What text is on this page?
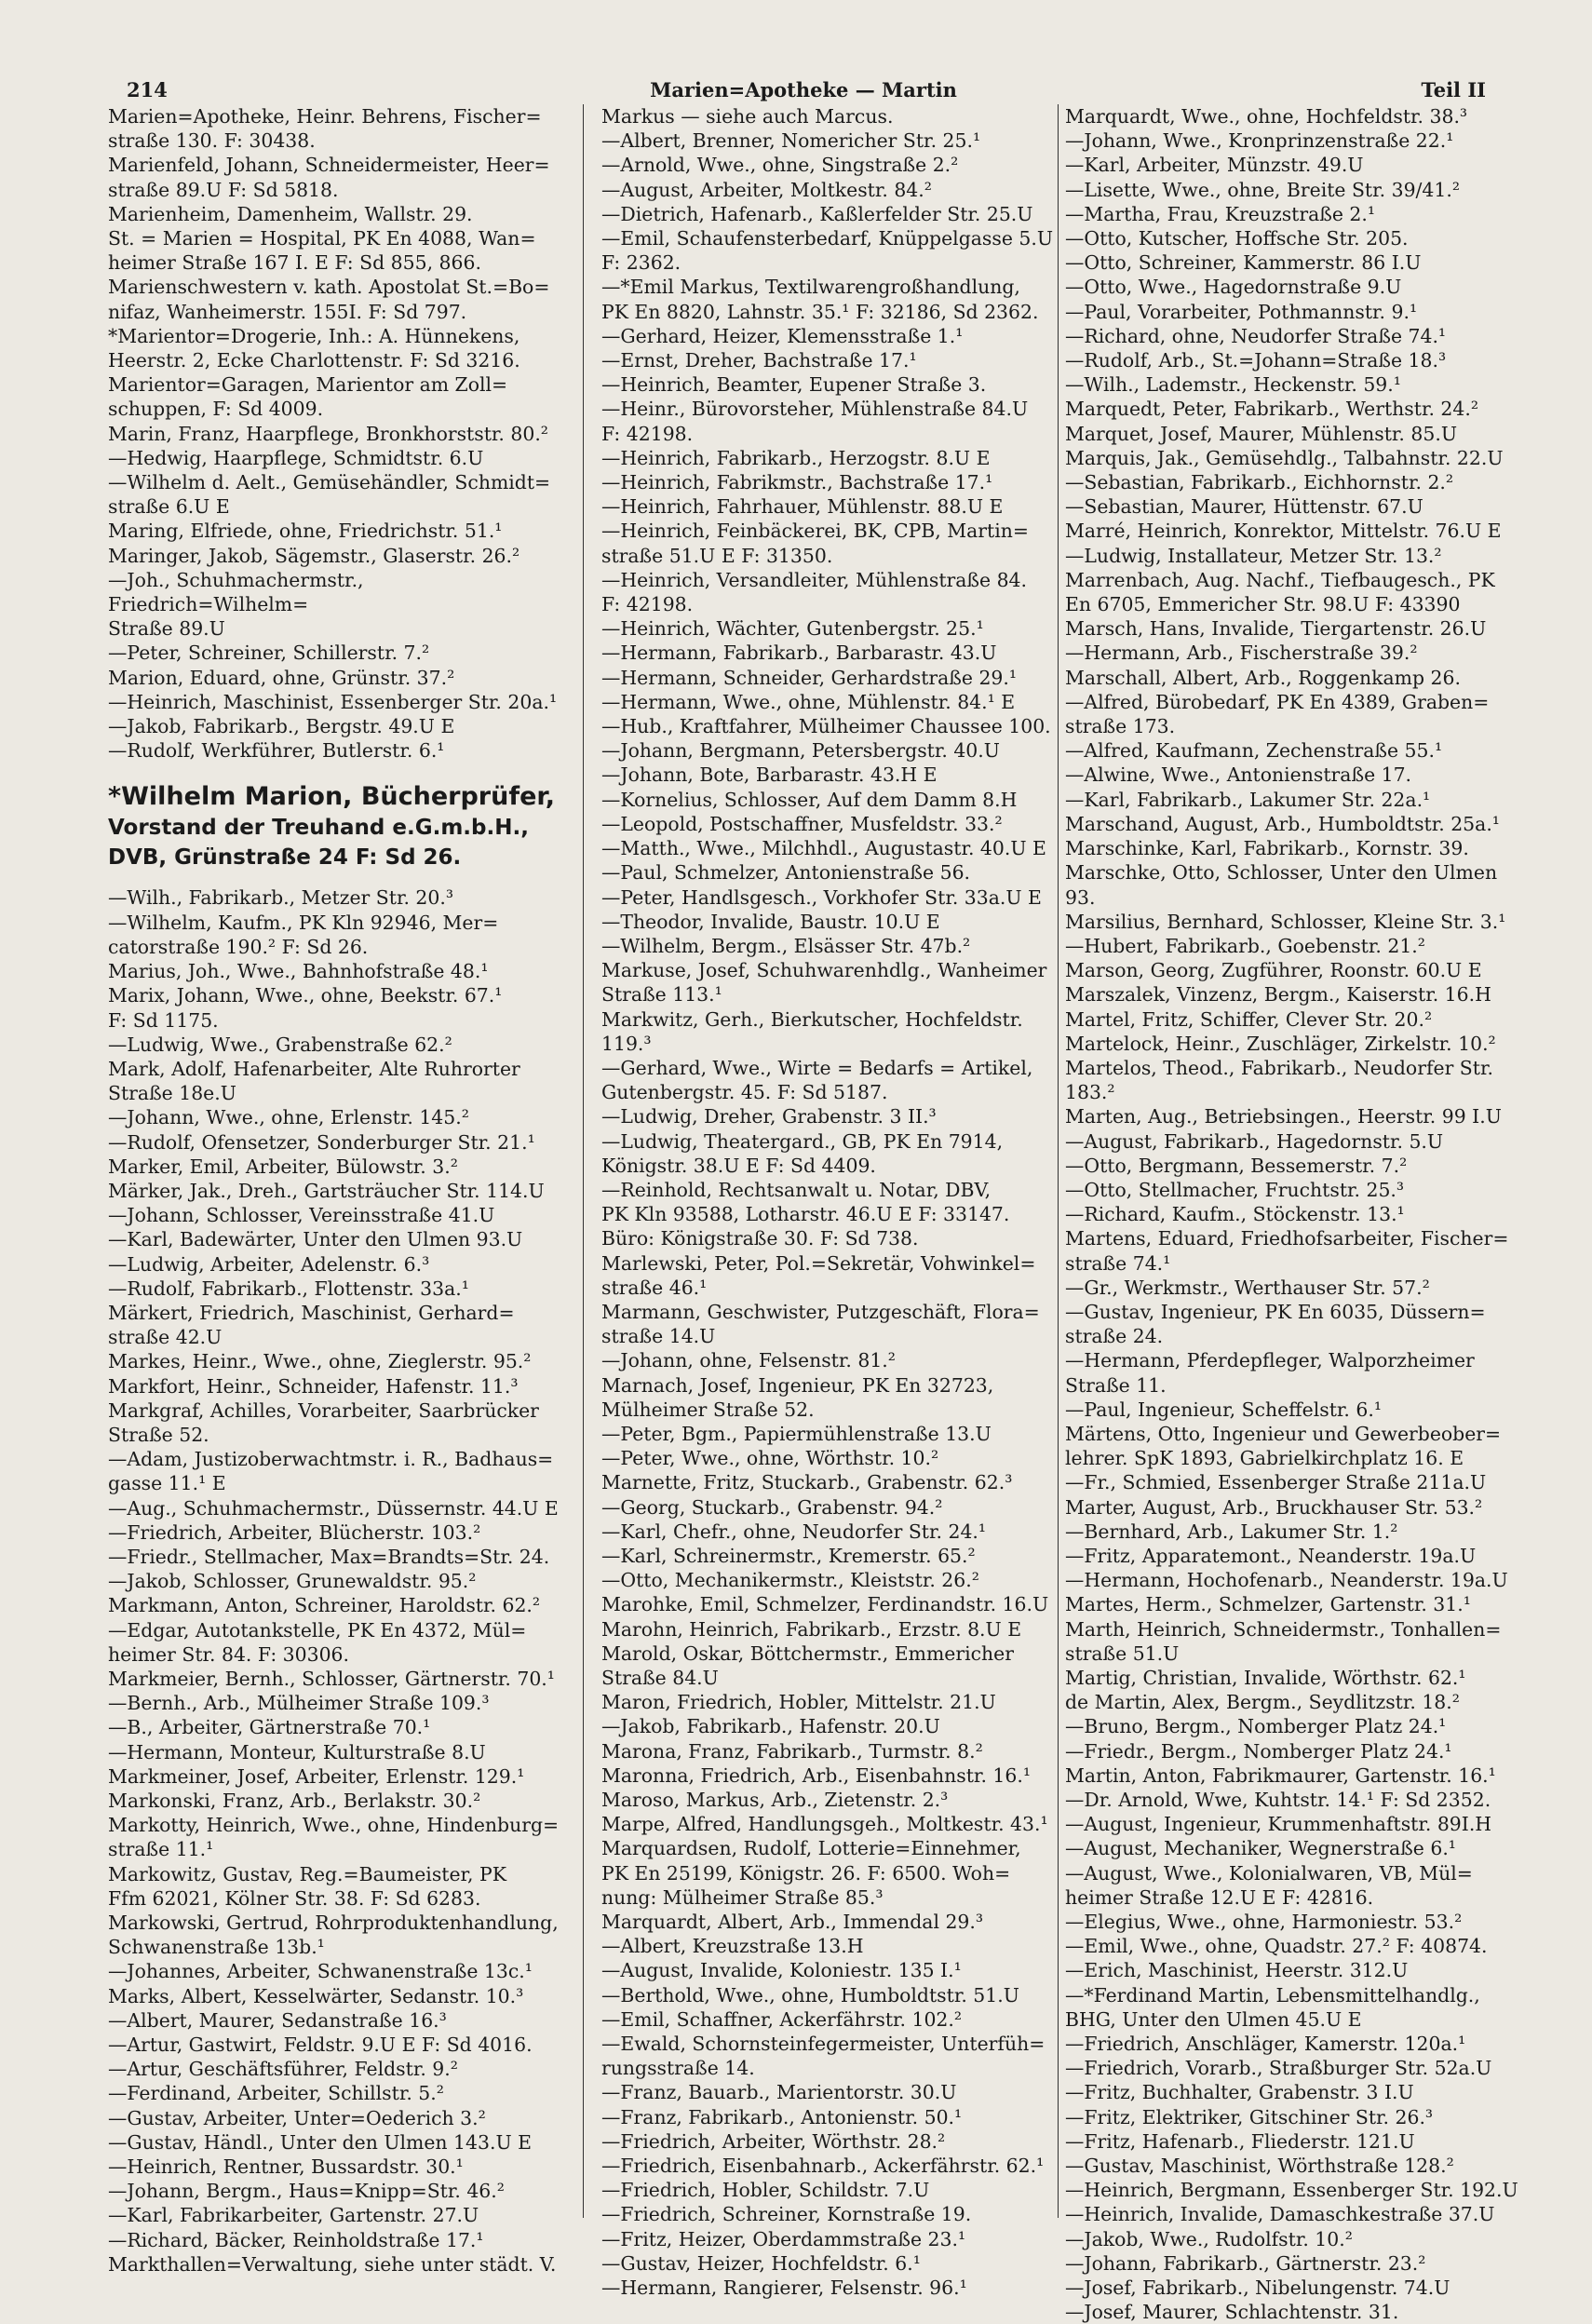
214	Marien=Apotheke — Martin	Teil II

Marien=Apotheke, Heinr. Behrens, Fischer=

straße 130. F: 30438.

Marienfeld, Johann, Schneidermeister, Heer=

straße 89.U F: Sd 5818.

Marienheim, Damenheim, Wallstr. 29.

St. = Marien = Hospital, PK En 4088, Wan=

heimer Straße 167 I. E F: Sd 855, 866.

Marienschwestern v. kath. Apostolat St.=Bo=

nifaz, Wanheimerstr. 155I. F: Sd 797.

*Marientor=Drogerie, Inh.: A. Hünnekens,

Heerstr. 2, Ecke Charlottenstr. F: Sd 3216.

Marientor=Garagen, Marientor am Zoll=

schuppen, F: Sd 4009.

Marin, Franz, Haarpflege, Bronkhorststr. 80.²

—Hedwig, Haarpflege, Schmidtstr. 6.U

—Wilhelm d. Aelt., Gemüsehändler, Schmidt=

straße 6.U E

Maring, Elfriede, ohne, Friedrichstr. 51.¹

Maringer, Jakob, Sägemstr., Glaserstr. 26.²

—Joh., Schuhmachermstr., Friedrich=Wilhelm=

Straße 89.U

—Peter, Schreiner, Schillerstr. 7.²

Marion, Eduard, ohne, Grünstr. 37.²

—Heinrich, Maschinist, Essenberger Str. 20a.¹

—Jakob, Fabrikarb., Bergstr. 49.U E

—Rudolf, Werkführer, Butlerstr. 6.¹

*Wilhelm Marion, Bücherprüfer,

Vorstand der Treuhand e.G.m.b.H.,

DVB, Grünstraße 24 F: Sd 26.

—Wilh., Fabrikarb., Metzer Str. 20.³

—Wilhelm, Kaufm., PK Kln 92946, Mer=

catorstraße 190.² F: Sd 26.

Marius, Joh., Wwe., Bahnhofstraße 48.¹

Marix, Johann, Wwe., ohne, Beekstr. 67.¹

F: Sd 1175.

—Ludwig, Wwe., Grabenstraße 62.²

Mark, Adolf, Hafenarbeiter, Alte Ruhrorter

Straße 18e.U

—Johann, Wwe., ohne, Erlenstr. 145.²

—Rudolf, Ofensetzer, Sonderburger Str. 21.¹

Marker, Emil, Arbeiter, Bülowstr. 3.²

Märker, Jak., Dreh., Gartsträucher Str. 114.U

—Johann, Schlosser, Vereinsstraße 41.U

—Karl, Badewärter, Unter den Ulmen 93.U

—Ludwig, Arbeiter, Adelenstr. 6.³

—Rudolf, Fabrikarb., Flottenstr. 33a.¹

Märkert, Friedrich, Maschinist, Gerhard=

straße 42.U

Markes, Heinr., Wwe., ohne, Zieglerstr. 95.²

Markfort, Heinr., Schneider, Hafenstr. 11.³

Markgraf, Achilles, Vorarbeiter, Saarbrücker

Straße 52.

—Adam, Justizoberwachtmstr. i. R., Badhaus=

gasse 11.¹ E

—Aug., Schuhmachermstr., Düssernstr. 44.U E

—Friedrich, Arbeiter, Blücherstr. 103.²

—Friedr., Stellmacher, Max=Brandts=Str. 24.

—Jakob, Schlosser, Grunewaldstr. 95.²

Markmann, Anton, Schreiner, Haroldstr. 62.²

—Edgar, Autotankstelle, PK En 4372, Mül=

heimer Str. 84. F: 30306.

Markmeier, Bernh., Schlosser, Gärtnerstr. 70.¹

—Bernh., Arb., Mülheimer Straße 109.³

—B., Arbeiter, Gärtnerstraße 70.¹

—Hermann, Monteur, Kulturstraße 8.U

Markmeiner, Josef, Arbeiter, Erlenstr. 129.¹

Markonski, Franz, Arb., Berlakstr. 30.²

Markotty, Heinrich, Wwe., ohne, Hindenburg=

straße 11.¹

Markowitz, Gustav, Reg.=Baumeister, PK

Ffm 62021, Kölner Str. 38. F: Sd 6283.

Markowski, Gertrud, Rohrproduktenhandlung,

Schwanenstraße 13b.¹

—Johannes, Arbeiter, Schwanenstraße 13c.¹

Marks, Albert, Kesselwärter, Sedanstr. 10.³

—Albert, Maurer, Sedanstraße 16.³

—Artur, Gastwirt, Feldstr. 9.U E F: Sd 4016.

—Artur, Geschäftsführer, Feldstr. 9.²

—Ferdinand, Arbeiter, Schillstr. 5.²

—Gustav, Arbeiter, Unter=Oederich 3.²

—Gustav, Händl., Unter den Ulmen 143.U E

—Heinrich, Rentner, Bussardstr. 30.¹

—Johann, Bergm., Haus=Knipp=Str. 46.²

—Karl, Fabrikarbeiter, Gartenstr. 27.U

—Richard, Bäcker, Reinholdstraße 17.¹

Markthallen=Verwaltung, siehe unter städt. V.

Markus — siehe auch Marcus.

—Albert, Brenner, Nomericher Str. 25.¹

—Arnold, Wwe., ohne, Singstraße 2.²

—August, Arbeiter, Moltkestr. 84.²

—Dietrich, Hafenarb., Kaßlerfelder Str. 25.U

—Emil, Schaufensterbedarf, Knüppelgasse 5.U

F: 2362.

—*Emil Markus, Textilwarengroßhandlung,

PK En 8820, Lahnstr. 35.¹ F: 32186, Sd 2362.

—Gerhard, Heizer, Klemensstraße 1.¹

—Ernst, Dreher, Bachstraße 17.¹

—Heinrich, Beamter, Eupener Straße 3.

—Heinr., Bürovorsteher, Mühlenstraße 84.U

F: 42198.

—Heinrich, Fabrikarb., Herzogstr. 8.U E

—Heinrich, Fabrikmstr., Bachstraße 17.¹

—Heinrich, Fahrhauer, Mühlenstr. 88.U E

—Heinrich, Feinbäckerei, BK, CPB, Martin=

straße 51.U E F: 31350.

—Heinrich, Versandleiter, Mühlenstraße 84.

F: 42198.

—Heinrich, Wächter, Gutenbergstr. 25.¹

—Hermann, Fabrikarb., Barbarastr. 43.U

—Hermann, Schneider, Gerhardstraße 29.¹

—Hermann, Wwe., ohne, Mühlenstr. 84.¹ E

—Hub., Kraftfahrer, Mülheimer Chaussee 100.

—Johann, Bergmann, Petersbergstr. 40.U

—Johann, Bote, Barbarastr. 43.H E

—Kornelius, Schlosser, Auf dem Damm 8.H

—Leopold, Postschaffner, Musfeldstr. 33.²

—Matth., Wwe., Milchhdl., Augustastr. 40.U E

—Paul, Schmelzer, Antonienstraße 56.

—Peter, Handlsgesch., Vorkhofer Str. 33a.U E

—Theodor, Invalide, Baustr. 10.U E

—Wilhelm, Bergm., Elsässer Str. 47b.²

Markuse, Josef, Schuhwarenhdlg., Wanheimer

Straße 113.¹

Markwitz, Gerh., Bierkutscher, Hochfeldstr. 119.³

—Gerhard, Wwe., Wirte = Bedarfs = Artikel,

Gutenbergstr. 45. F: Sd 5187.

—Ludwig, Dreher, Grabenstr. 3 II.³

—Ludwig, Theatergard., GB, PK En 7914,

Königstr. 38.U E F: Sd 4409.

—Reinhold, Rechtsanwalt u. Notar, DBV,

PK Kln 93588, Lotharstr. 46.U E F: 33147.

Büro: Königstraße 30. F: Sd 738.

Marlewski, Peter, Pol.=Sekretär, Vohwinkel=

straße 46.¹

Marmann, Geschwister, Putzgeschäft, Flora=

straße 14.U

—Johann, ohne, Felsenstr. 81.²

Marnach, Josef, Ingenieur, PK En 32723,

Mülheimer Straße 52.

—Peter, Bgm., Papiermühlenstraße 13.U

—Peter, Wwe., ohne, Wörthstr. 10.²

Marnette, Fritz, Stuckarb., Grabenstr. 62.³

—Georg, Stuckarb., Grabenstr. 94.²

—Karl, Chefr., ohne, Neudorfer Str. 24.¹

—Karl, Schreinermstr., Kremerstr. 65.²

—Otto, Mechanikermstr., Kleiststr. 26.²

Marohke, Emil, Schmelzer, Ferdinandstr. 16.U

Marohn, Heinrich, Fabrikarb., Erzstr. 8.U E

Marold, Oskar, Böttchermstr., Emmericher

Straße 84.U

Maron, Friedrich, Hobler, Mittelstr. 21.U

—Jakob, Fabrikarb., Hafenstr. 20.U

Marona, Franz, Fabrikarb., Turmstr. 8.²

Maronna, Friedrich, Arb., Eisenbahnstr. 16.¹

Maroso, Markus, Arb., Zietenstr. 2.³

Marpe, Alfred, Handlungsgeh., Moltkestr. 43.¹

Marquardsen, Rudolf, Lotterie=Einnehmer,

PK En 25199, Königstr. 26. F: 6500. Woh=

nung: Mülheimer Straße 85.³

Marquardt, Albert, Arb., Immendal 29.³

—Albert, Kreuzstraße 13.H

—August, Invalide, Koloniestr. 135 I.¹

—Berthold, Wwe., ohne, Humboldtstr. 51.U

—Emil, Schaffner, Ackerfährstr. 102.²

—Ewald, Schornsteinfegermeister, Unterfüh=

rungsstraße 14.

—Franz, Bauarb., Marientorstr. 30.U

—Franz, Fabrikarb., Antonienstr. 50.¹

—Friedrich, Arbeiter, Wörthstr. 28.²

—Friedrich, Eisenbahnarb., Ackerfährstr. 62.¹

—Friedrich, Hobler, Schildstr. 7.U

—Friedrich, Schreiner, Kornstraße 19.

—Fritz, Heizer, Oberdammstraße 23.¹

—Gustav, Heizer, Hochfeldstr. 6.¹

—Hermann, Rangierer, Felsenstr. 96.¹

Marquardt, Wwe., ohne, Hochfeldstr. 38.³

—Johann, Wwe., Kronprinzenstraße 22.¹

—Karl, Arbeiter, Münzstr. 49.U

—Lisette, Wwe., ohne, Breite Str. 39/41.²

—Martha, Frau, Kreuzstraße 2.¹

—Otto, Kutscher, Hoffsche Str. 205.

—Otto, Schreiner, Kammerstr. 86 I.U

—Otto, Wwe., Hagedornstraße 9.U

—Paul, Vorarbeiter, Pothmannstr. 9.¹

—Richard, ohne, Neudorfer Straße 74.¹

—Rudolf, Arb., St.=Johann=Straße 18.³

—Wilh., Lademstr., Heckenstr. 59.¹

Marquedt, Peter, Fabrikarb., Werthstr. 24.²

Marquet, Josef, Maurer, Mühlenstr. 85.U

Marquis, Jak., Gemüsehdlg., Talbahnstr. 22.U

—Sebastian, Fabrikarb., Eichhornstr. 2.²

—Sebastian, Maurer, Hüttenstr. 67.U

Marré, Heinrich, Konrektor, Mittelstr. 76.U E

—Ludwig, Installateur, Metzer Str. 13.²

Marrenbach, Aug. Nachf., Tiefbaugesch., PK

En 6705, Emmericher Str. 98.U F: 43390

Marsch, Hans, Invalide, Tiergartenstr. 26.U

—Hermann, Arb., Fischerstraße 39.²

Marschall, Albert, Arb., Roggenkamp 26.

—Alfred, Bürobedarf, PK En 4389, Graben=

straße 173.

—Alfred, Kaufmann, Zechenstraße 55.¹

—Alwine, Wwe., Antonienstraße 17.

—Karl, Fabrikarb., Lakumer Str. 22a.¹

Marschand, August, Arb., Humboldtstr. 25a.¹

Marschinke, Karl, Fabrikarb., Kornstr. 39.

Marschke, Otto, Schlosser, Unter den Ulmen 93.

Marsilius, Bernhard, Schlosser, Kleine Str. 3.¹

—Hubert, Fabrikarb., Goebenstr. 21.²

Marson, Georg, Zugführer, Roonstr. 60.U E

Marszalek, Vinzenz, Bergm., Kaiserstr. 16.H

Martel, Fritz, Schiffer, Clever Str. 20.²

Martelock, Heinr., Zuschläger, Zirkelstr. 10.²

Martelos, Theod., Fabrikarb., Neudorfer Str. 183.²

Marten, Aug., Betriebsingen., Heerstr. 99 I.U

—August, Fabrikarb., Hagedornstr. 5.U

—Otto, Bergmann, Bessemerstr. 7.²

—Otto, Stellmacher, Fruchtstr. 25.³

—Richard, Kaufm., Stöckenstr. 13.¹

Martens, Eduard, Friedhofsarbeiter, Fischer=

straße 74.¹

—Gr., Werkmstr., Werthauser Str. 57.²

—Gustav, Ingenieur, PK En 6035, Düssern=

straße 24.

—Hermann, Pferdepfleger, Walporzheimer

Straße 11.

—Paul, Ingenieur, Scheffelstr. 6.¹

Märtens, Otto, Ingenieur und Gewerbeober=

lehrer. SpK 1893, Gabrielkirchplatz 16. E

—Fr., Schmied, Essenberger Straße 211a.U

Marter, August, Arb., Bruckhauser Str. 53.²

—Bernhard, Arb., Lakumer Str. 1.²

—Fritz, Apparatemont., Neanderstr. 19a.U

—Hermann, Hochofenarb., Neanderstr. 19a.U

Martes, Herm., Schmelzer, Gartenstr. 31.¹

Marth, Heinrich, Schneidermstr., Tonhallen=

straße 51.U

Martig, Christian, Invalide, Wörthstr. 62.¹

de Martin, Alex, Bergm., Seydlitzstr. 18.²

—Bruno, Bergm., Nomberger Platz 24.¹

—Friedr., Bergm., Nomberger Platz 24.¹

Martin, Anton, Fabrikmaurer, Gartenstr. 16.¹

—Dr. Arnold, Wwe, Kuhtstr. 14.¹ F: Sd 2352.

—August, Ingenieur, Krummenhaftstr. 89I.H

—August, Mechaniker, Wegnerstraße 6.¹

—August, Wwe., Kolonialwaren, VB, Mül=

heimer Straße 12.U E F: 42816.

—Elegius, Wwe., ohne, Harmoniestr. 53.²

—Emil, Wwe., ohne, Quadstr. 27.² F: 40874.

—Erich, Maschinist, Heerstr. 312.U

—*Ferdinand Martin, Lebensmittelhandlg.,

BHG, Unter den Ulmen 45.U E

—Friedrich, Anschläger, Kamerstr. 120a.¹

—Friedrich, Vorarb., Straßburger Str. 52a.U

—Fritz, Buchhalter, Grabenstr. 3 I.U

—Fritz, Elektriker, Gitschiner Str. 26.³

—Fritz, Hafenarb., Fliederstr. 121.U

—Gustav, Maschinist, Wörthstraße 128.²

—Heinrich, Bergmann, Essenberger Str. 192.U

—Heinrich, Invalide, Damaschkestraße 37.U

—Jakob, Wwe., Rudolfstr. 10.²

—Johann, Fabrikarb., Gärtnerstr. 23.²

—Josef, Fabrikarb., Nibelungenstr. 74.U

—Josef, Maurer, Schlachtenstr. 31.
